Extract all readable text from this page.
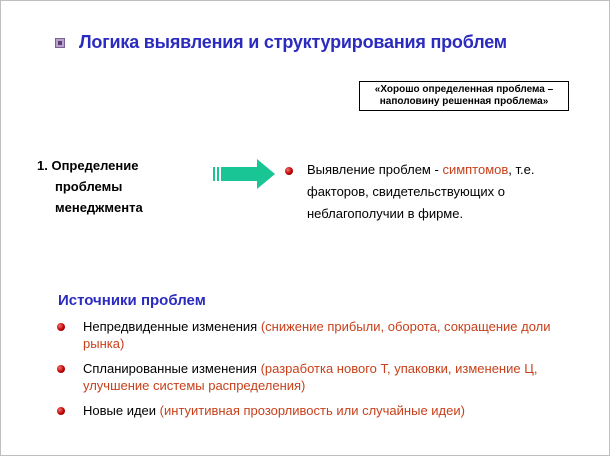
Логика выявления и структурирования проблем
«Хорошо определенная проблема –
наполовину решенная проблема»
1. Определение
проблемы
менеджмента
Выявление проблем - симптомов, т.е. факторов, свидетельствующих о неблагополучии в фирме.
Источники проблем
Непредвиденные изменения (снижение прибыли, оборота, сокращение доли рынка)
Спланированные изменения (разработка нового Т, упаковки, изменение Ц, улучшение системы распределения)
Новые идеи (интуитивная прозорливость или случайные идеи)
